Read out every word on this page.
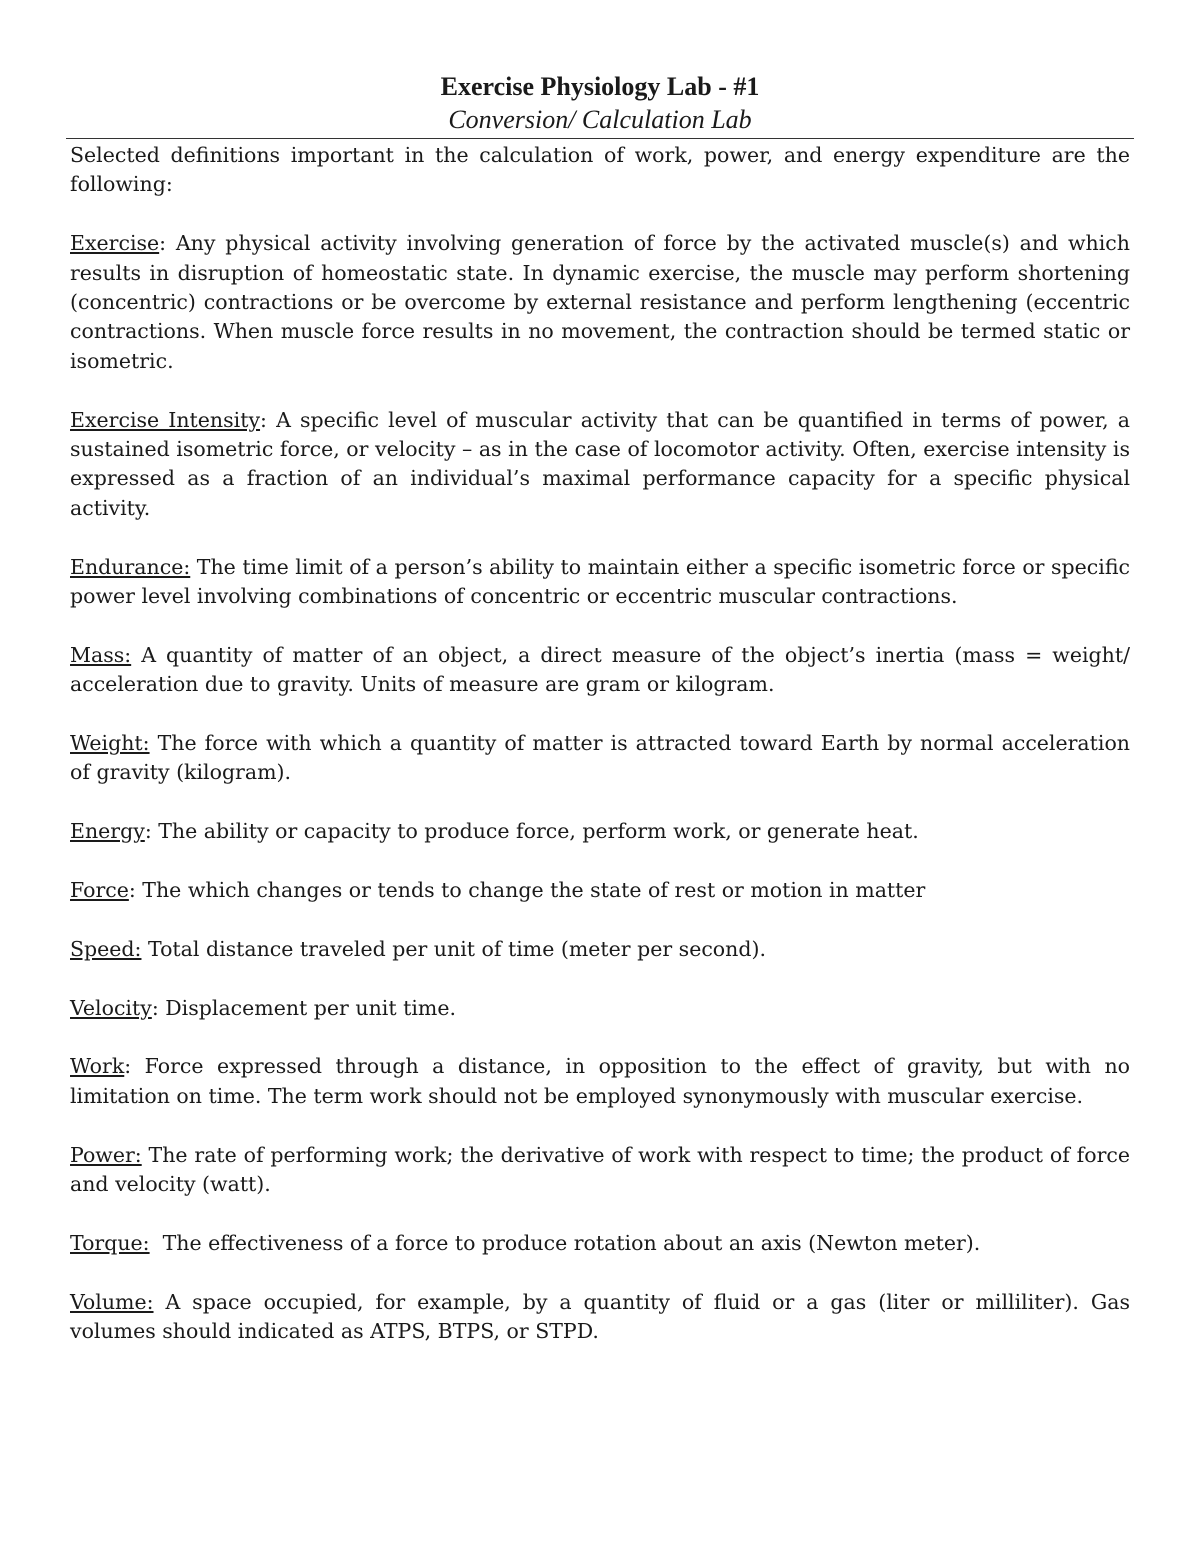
Exercise Physiology Lab - #1

Conversion/ Calculation Lab

Selected definitions important in the calculation of work, power, and energy expenditure are the following:

Exercise: Any physical activity involving generation of force by the activated muscle(s) and which results in disruption of homeostatic state. In dynamic exercise, the muscle may perform shortening (concentric) contractions or be overcome by external resistance and perform lengthening (eccentric contractions. When muscle force results in no movement, the contraction should be termed static or isometric.

Exercise Intensity: A specific level of muscular activity that can be quantified in terms of power, a sustained isometric force, or velocity – as in the case of locomotor activity. Often, exercise intensity is expressed as a fraction of an individual’s maximal performance capacity for a specific physical activity.

Endurance: The time limit of a person’s ability to maintain either a specific isometric force or specific power level involving combinations of concentric or eccentric muscular contractions.

Mass: A quantity of matter of an object, a direct measure of the object’s inertia (mass = weight/ acceleration due to gravity. Units of measure are gram or kilogram.

Weight: The force with which a quantity of matter is attracted toward Earth by normal acceleration of gravity (kilogram).

Energy: The ability or capacity to produce force, perform work, or generate heat.

Force: The which changes or tends to change the state of rest or motion in matter

Speed: Total distance traveled per unit of time (meter per second).

Velocity: Displacement per unit time.

Work: Force expressed through a distance, in opposition to the effect of gravity, but with no limitation on time. The term work should not be employed synonymously with muscular exercise.

Power: The rate of performing work; the derivative of work with respect to time; the product of force and velocity (watt).

Torque:  The effectiveness of a force to produce rotation about an axis (Newton meter).

Volume: A space occupied, for example, by a quantity of fluid or a gas (liter or milliliter). Gas volumes should indicated as ATPS, BTPS, or STPD.
